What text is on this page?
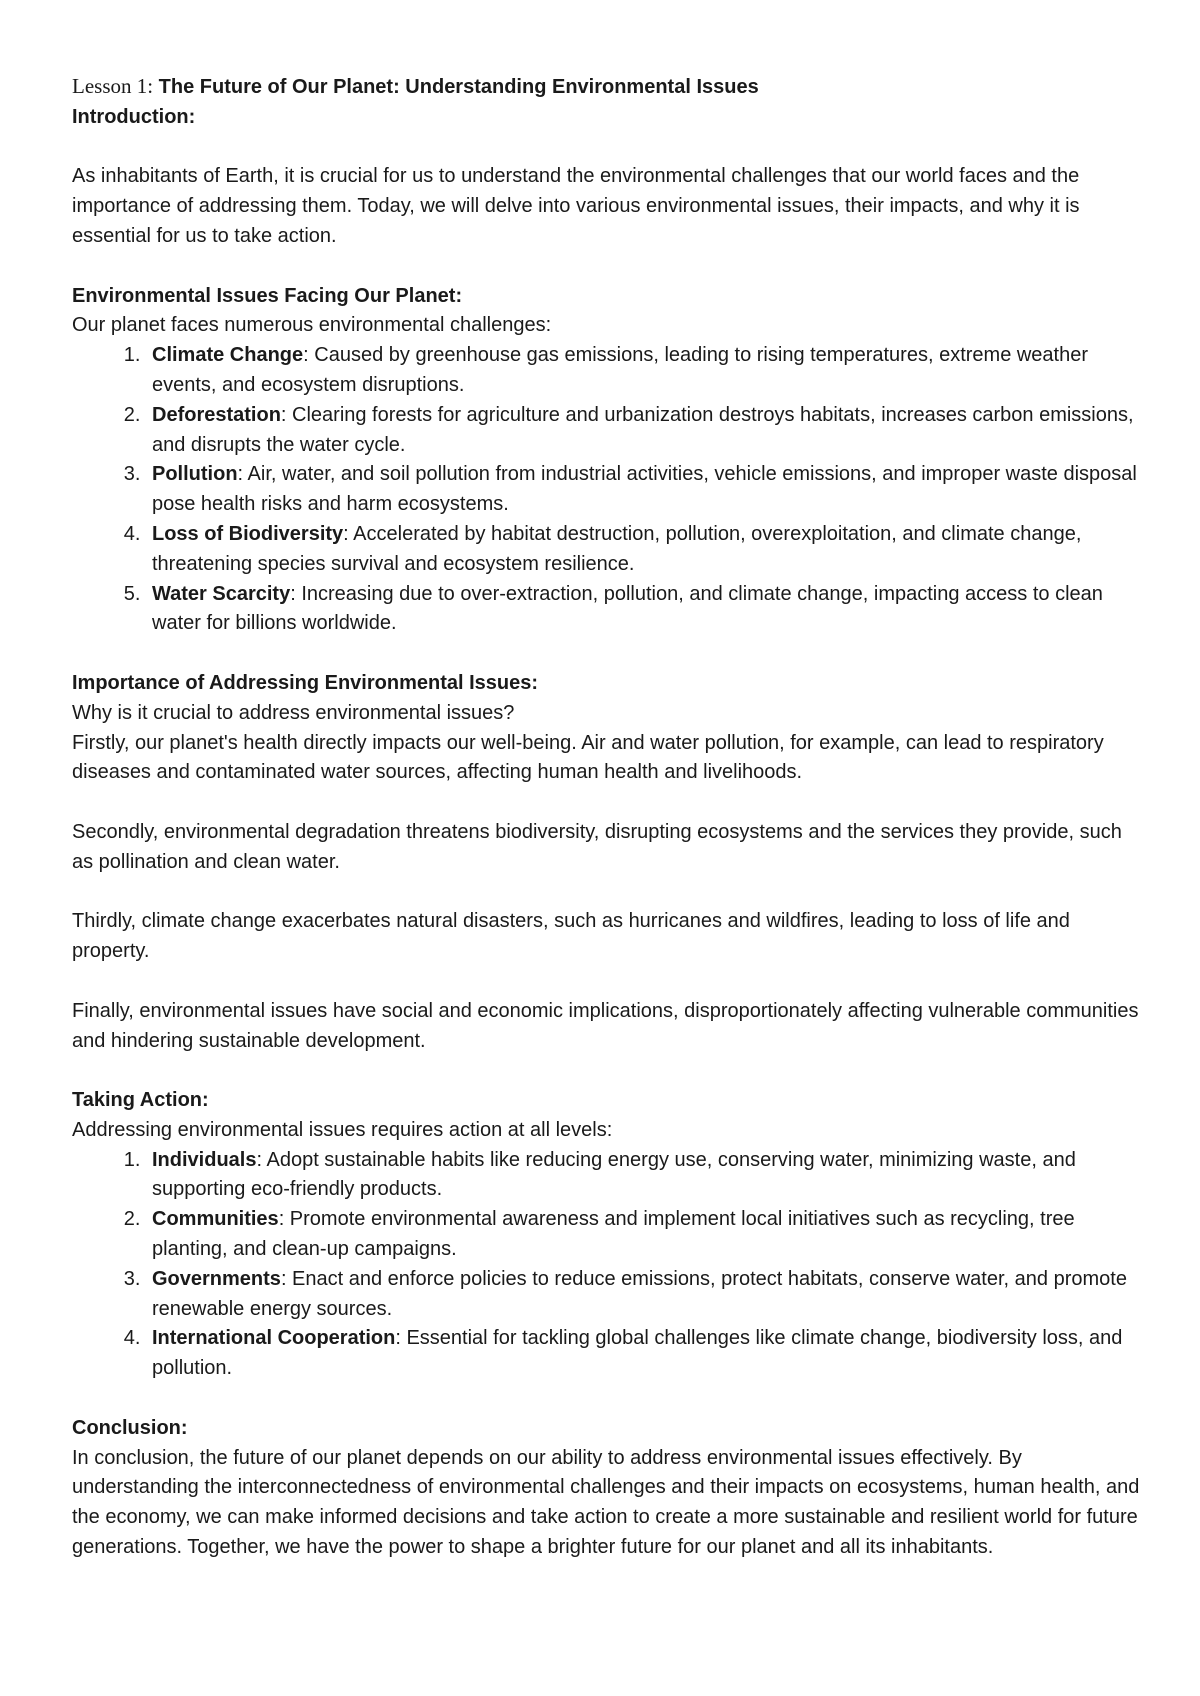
Lesson 1: The Future of Our Planet: Understanding Environmental Issues

Introduction:

As inhabitants of Earth, it is crucial for us to understand the environmental challenges that our world faces and the importance of addressing them. Today, we will delve into various environmental issues, their impacts, and why it is essential for us to take action.

Environmental Issues Facing Our Planet:

Our planet faces numerous environmental challenges:

1. Climate Change: Caused by greenhouse gas emissions, leading to rising temperatures, extreme weather events, and ecosystem disruptions.
2. Deforestation: Clearing forests for agriculture and urbanization destroys habitats, increases carbon emissions, and disrupts the water cycle.
3. Pollution: Air, water, and soil pollution from industrial activities, vehicle emissions, and improper waste disposal pose health risks and harm ecosystems.
4. Loss of Biodiversity: Accelerated by habitat destruction, pollution, overexploitation, and climate change, threatening species survival and ecosystem resilience.
5. Water Scarcity: Increasing due to over-extraction, pollution, and climate change, impacting access to clean water for billions worldwide.
Importance of Addressing Environmental Issues:

Why is it crucial to address environmental issues?

Firstly, our planet's health directly impacts our well-being. Air and water pollution, for example, can lead to respiratory diseases and contaminated water sources, affecting human health and livelihoods.

Secondly, environmental degradation threatens biodiversity, disrupting ecosystems and the services they provide, such as pollination and clean water.

Thirdly, climate change exacerbates natural disasters, such as hurricanes and wildfires, leading to loss of life and property.

Finally, environmental issues have social and economic implications, disproportionately affecting vulnerable communities and hindering sustainable development.

Taking Action:

Addressing environmental issues requires action at all levels:

1. Individuals: Adopt sustainable habits like reducing energy use, conserving water, minimizing waste, and supporting eco-friendly products.
2. Communities: Promote environmental awareness and implement local initiatives such as recycling, tree planting, and clean-up campaigns.
3. Governments: Enact and enforce policies to reduce emissions, protect habitats, conserve water, and promote renewable energy sources.
4. International Cooperation: Essential for tackling global challenges like climate change, biodiversity loss, and pollution.
Conclusion:

In conclusion, the future of our planet depends on our ability to address environmental issues effectively. By understanding the interconnectedness of environmental challenges and their impacts on ecosystems, human health, and the economy, we can make informed decisions and take action to create a more sustainable and resilient world for future generations. Together, we have the power to shape a brighter future for our planet and all its inhabitants.
